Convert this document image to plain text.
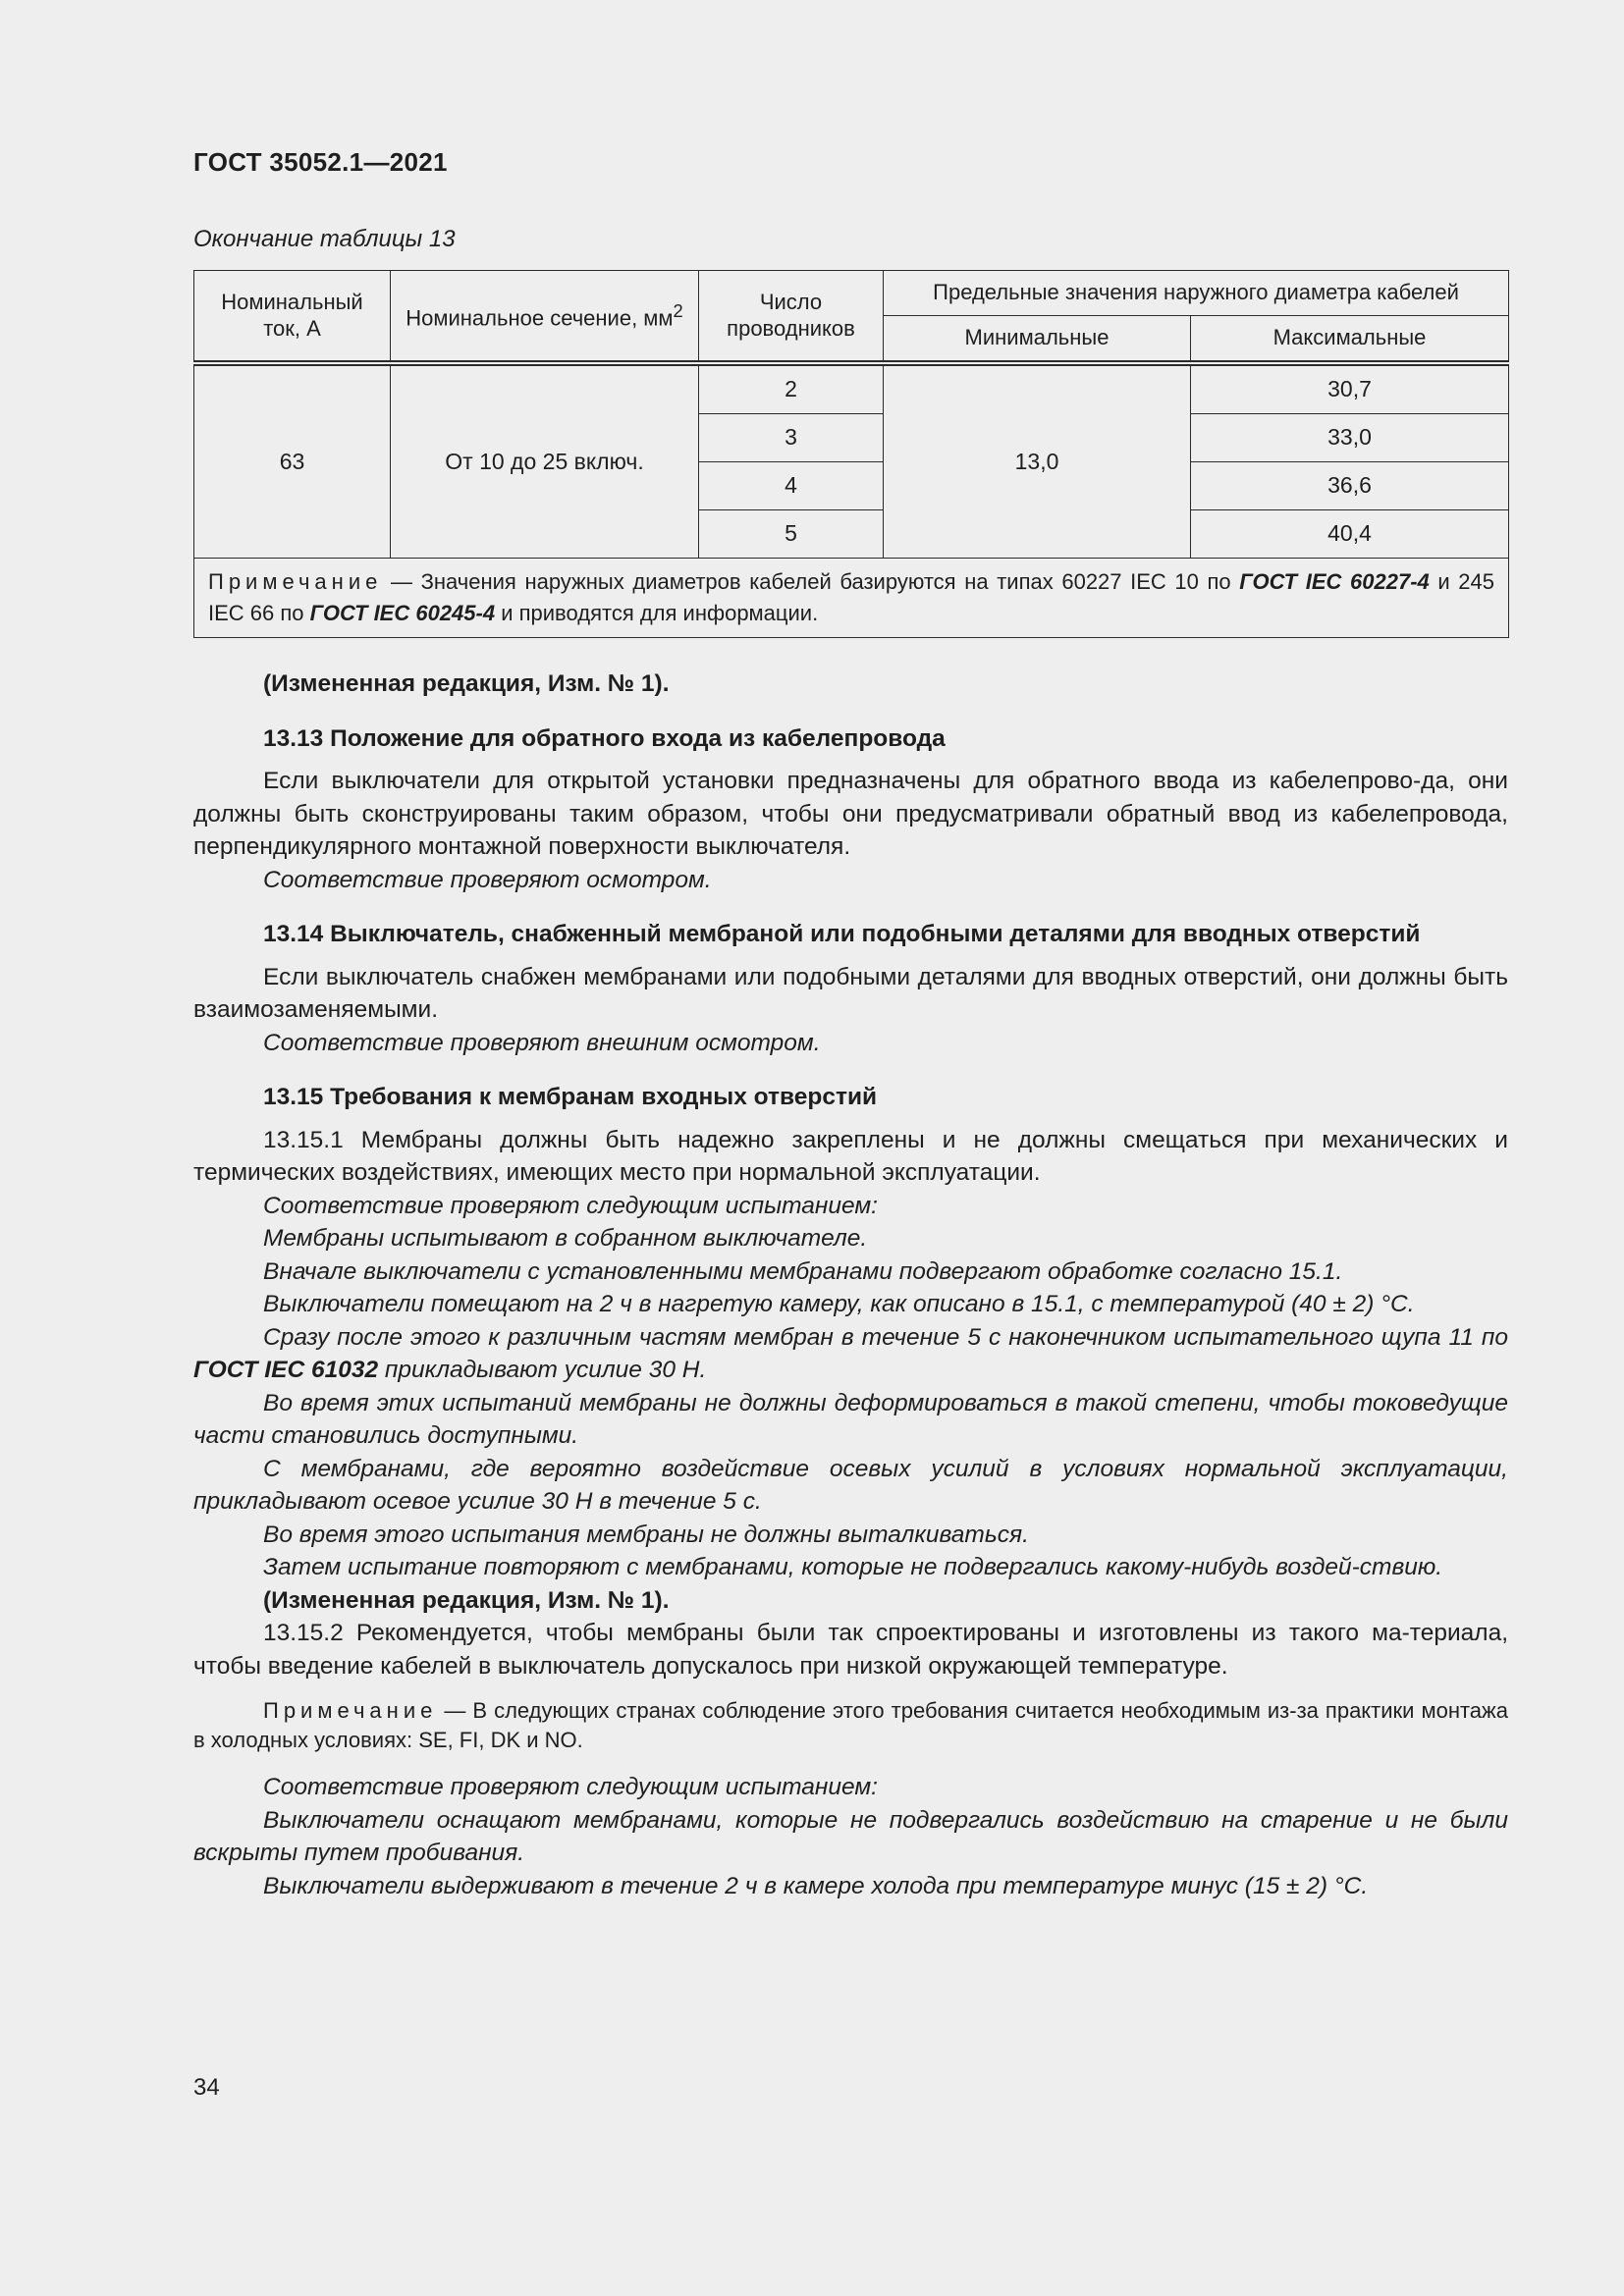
ГОСТ 35052.1—2021
Окончание таблицы 13
Номинальный ток, А	Номинальное сечение, $мм^2$	Число проводников	Предельные значения наружного диаметра кабелей	
			Минимальные	Максимальные
63	От 10 до 25 включ.	2	13,0	30,7
		3		33,0
		4		36,6
		5		40,4
Примечание — Значения наружных диаметров кабелей базируются на типах 60227 IEC 10 по ГОСТ IEC 60227-4 и 245 IEC 66 по ГОСТ IEC 60245-4 и приводятся для информации.				

(Измененная редакция, Изм. № 1).

13.13 Положение для обратного входа из кабелепровода

Если выключатели для открытой установки предназначены для обратного ввода из кабелепрово-да, они должны быть сконструированы таким образом, чтобы они предусматривали обратный ввод из кабелепровода, перпендикулярного монтажной поверхности выключателя.

Соответствие проверяют осмотром.

13.14 Выключатель, снабженный мембраной или подобными деталями для вводных отверстий

Если выключатель снабжен мембранами или подобными деталями для вводных отверстий, они должны быть взаимозаменяемыми.

Соответствие проверяют внешним осмотром.

13.15 Требования к мембранам входных отверстий

13.15.1 Мембраны должны быть надежно закреплены и не должны смещаться при механических и термических воздействиях, имеющих место при нормальной эксплуатации.

Соответствие проверяют следующим испытанием:

Мембраны испытывают в собранном выключателе.

Вначале выключатели с установленными мембранами подвергают обработке согласно 15.1.

Выключатели помещают на 2 ч в нагретую камеру, как описано в 15.1, с температурой (40 ± 2) °С.

Сразу после этого к различным частям мембран в течение 5 с наконечником испытательного щупа 11 по ГОСТ IEC 61032 прикладывают усилие 30 Н.

Во время этих испытаний мембраны не должны деформироваться в такой степени, чтобы токоведущие части становились доступными.

С мембранами, где вероятно воздействие осевых усилий в условиях нормальной эксплуатации, прикладывают осевое усилие 30 Н в течение 5 с.

Во время этого испытания мембраны не должны выталкиваться.

Затем испытание повторяют с мембранами, которые не подвергались какому-нибудь воздей-ствию.

(Измененная редакция, Изм. № 1).

13.15.2 Рекомендуется, чтобы мембраны были так спроектированы и изготовлены из такого ма-териала, чтобы введение кабелей в выключатель допускалось при низкой окружающей температуре.

Примечание — В следующих странах соблюдение этого требования считается необходимым из-за практики монтажа в холодных условиях: SE, FI, DK и NO.

Соответствие проверяют следующим испытанием:

Выключатели оснащают мембранами, которые не подвергались воздействию на старение и не были вскрыты путем пробивания.

Выключатели выдерживают в течение 2 ч в камере холода при температуре минус (15 ± 2) °С.

34
